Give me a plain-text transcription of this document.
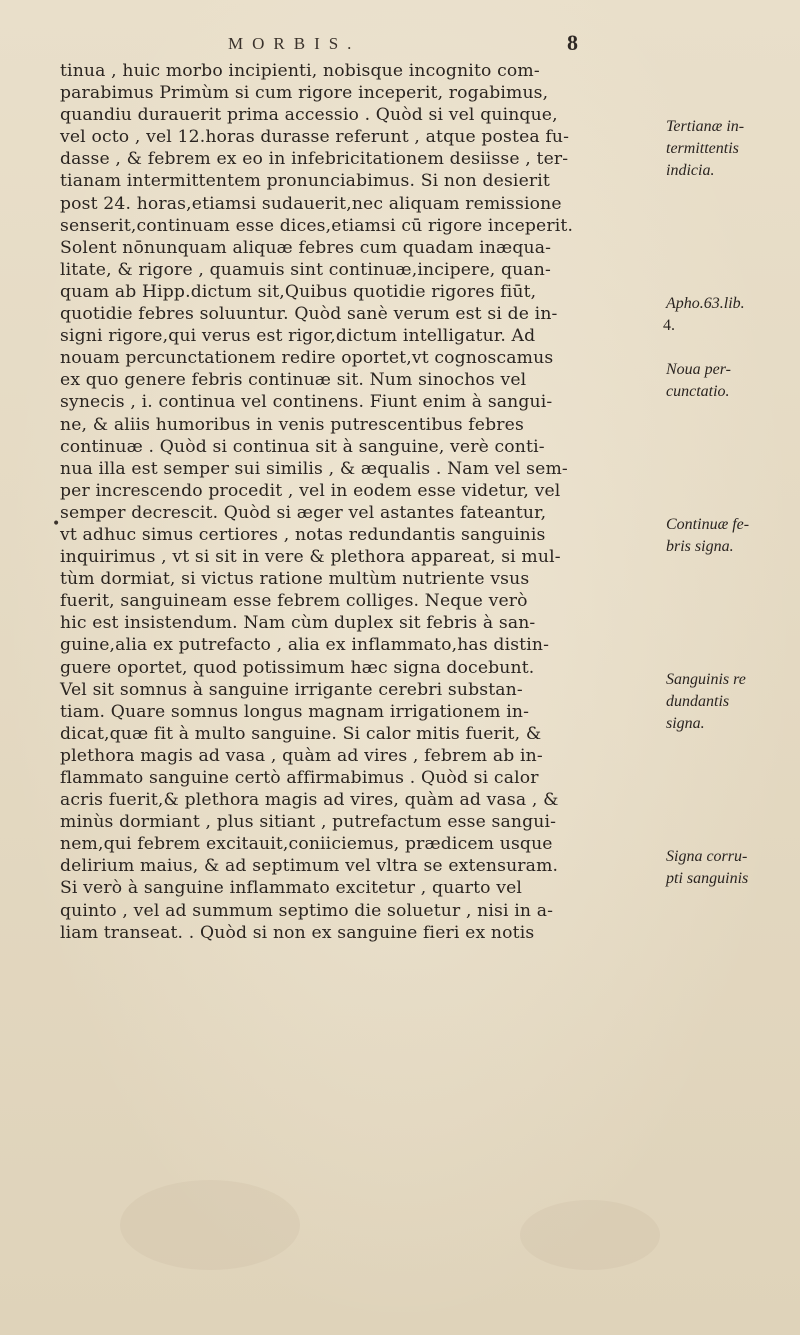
MORBIS.	8
•
tinua , huic morbo incipienti, nobisque incognito com-
parabimus Primùm si cum rigore inceperit, rogabimus,
quandiu durauerit prima accessio . Quòd si vel quinque,
vel octo , vel 12.horas durasse referunt , atque postea fu-
dasse , & febrem ex eo in infebricitationem desiisse , ter-
tianam intermittentem pronunciabimus. Si non desierit
post 24. horas,etiamsi sudauerit,nec aliquam remissione
senserit,continuam esse dices,etiamsi cū rigore inceperit.
Solent nōnunquam aliquæ febres cum quadam inæqua-
litate, & rigore , quamuis sint continuæ,incipere, quan-
quam ab Hipp.dictum sit,Quibus quotidie rigores fiūt,
quotidie febres soluuntur. Quòd sanè verum est si de in-
signi rigore,qui verus est rigor,dictum intelligatur. Ad
nouam percunctationem redire oportet,vt cognoscamus
ex quo genere febris continuæ sit. Num sinochos vel
synecis , i. continua vel continens. Fiunt enim à sangui-
ne, & aliis humoribus in venis putrescentibus febres
continuæ . Quòd si continua sit à sanguine, verè conti-
nua illa est semper sui similis , & æqualis . Nam vel sem-
per increscendo procedit , vel in eodem esse videtur, vel
semper decrescit. Quòd si æger vel astantes fateantur,
vt adhuc simus certiores , notas redundantis sanguinis
inquirimus , vt si sit in vere & plethora appareat, si mul-
tùm dormiat, si victus ratione multùm nutriente vsus
fuerit, sanguineam esse febrem colliges. Neque verò
hic est insistendum. Nam cùm duplex sit febris à san-
guine,alia ex putrefacto , alia ex inflammato,has distin-
guere oportet, quod potissimum hæc signa docebunt.
Vel sit somnus à sanguine irrigante cerebri substan-
tiam. Quare somnus longus magnam irrigationem in-
dicat,quæ fit à multo sanguine. Si calor mitis fuerit, &
plethora magis ad vasa , quàm ad vires , febrem ab in-
flammato sanguine certò affirmabimus . Quòd si calor
acris fuerit,& plethora magis ad vires, quàm ad vasa , &
minùs dormiant , plus sitiant , putrefactum esse sangui-
nem,qui febrem excitauit,coniiciemus, prædicem usque
delirium maius, & ad septimum vel vltra se extensuram.
Si verò à sanguine inflammato excitetur , quarto vel
quinto , vel ad summum septimo die soluetur , nisi in a-
liam transeat. . Quòd si non ex sanguine fieri ex notis
Tertianæ in-
termittentis
indicia.
Apho.63.lib.
4.
Noua per-
cunctatio.
Continuæ fe-
bris signa.
Sanguinis re
dundantis
signa.
Signa corru-
pti sanguinis
